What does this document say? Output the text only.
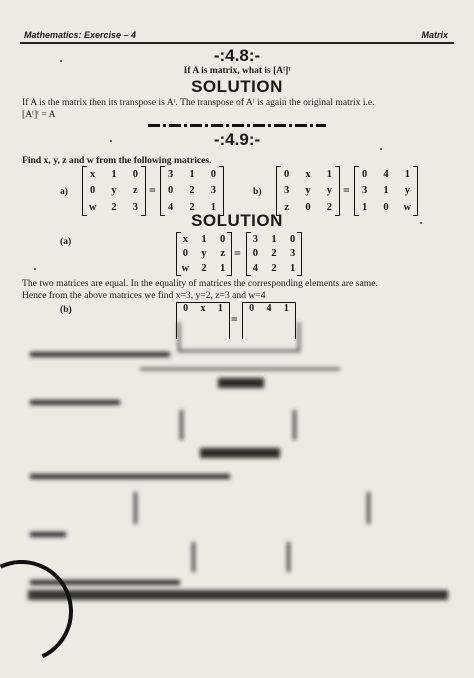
Mathematics: Exercise – 4	Matrix
-:4.8:-
If A is matrix, what is [Aᵗ]ᵗ
SOLUTION
If A is the matrix then its transpose is Aᵗ. The transpose of Aᵗ is again the original matrix i.e.
[Aᵗ]ᵗ = A
-:4.9:-
Find x, y, z and w from the following matrices.
a)
x	1	0
0	y	z
w	2	3
=
3	1	0
0	2	3
4	2	1
b)
0	x	1
3	y	y
z	0	2
=
0	4	1
3	1	y
1	0	w
SOLUTION
(a)	x	1	0
0	y	z
w	2	1
=
3	1	0
0	2	3
4	2	1
The two matrices are equal. In the equality of matrices the corresponding elements are same.
Hence from the above matrices we find x=3, y=2, z=3 and w=4
(b)	0 x 1
=
0 4 1
